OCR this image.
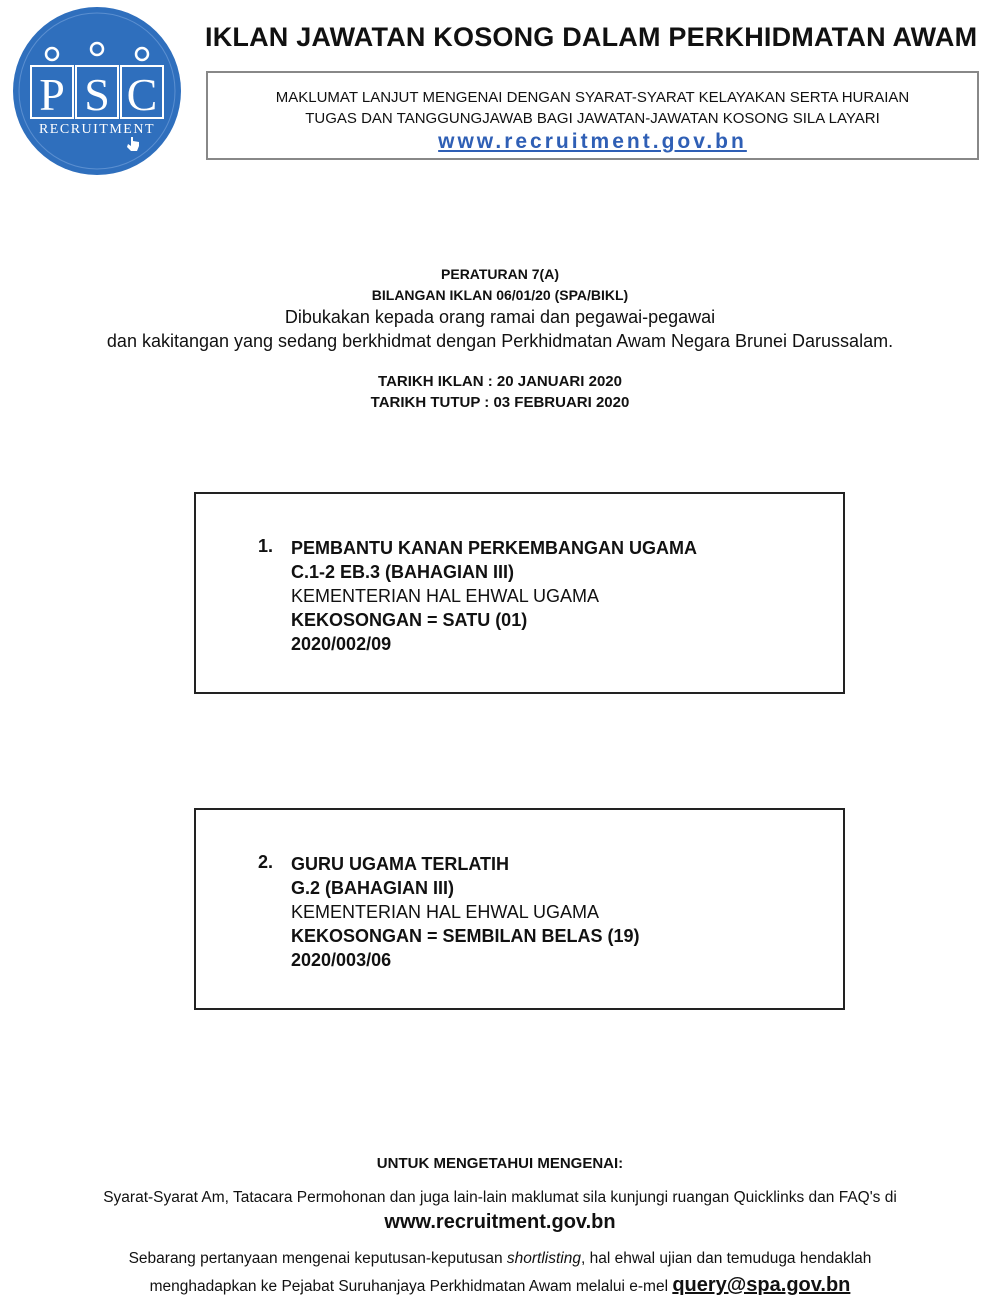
P S C
RECRUITMENT
IKLAN JAWATAN KOSONG DALAM PERKHIDMATAN AWAM
MAKLUMAT LANJUT MENGENAI DENGAN SYARAT-SYARAT KELAYAKAN SERTA HURAIAN
TUGAS DAN TANGGUNGJAWAB BAGI JAWATAN-JAWATAN KOSONG SILA LAYARI
www.recruitment.gov.bn
PERATURAN 7(A)
BILANGAN IKLAN 06/01/20 (SPA/BIKL)
Dibukakan kepada orang ramai dan pegawai-pegawai
dan kakitangan yang sedang berkhidmat dengan Perkhidmatan Awam Negara Brunei Darussalam.
TARIKH IKLAN : 20 JANUARI 2020
TARIKH TUTUP : 03 FEBRUARI 2020
1. PEMBANTU KANAN PERKEMBANGAN UGAMA
C.1-2 EB.3 (BAHAGIAN III)
KEMENTERIAN HAL EHWAL UGAMA
KEKOSONGAN = SATU (01)
2020/002/09
2. GURU UGAMA TERLATIH
G.2 (BAHAGIAN III)
KEMENTERIAN HAL EHWAL UGAMA
KEKOSONGAN = SEMBILAN BELAS (19)
2020/003/06
UNTUK MENGETAHUI MENGENAI:
Syarat-Syarat Am, Tatacara Permohonan dan juga lain-lain maklumat sila kunjungi ruangan Quicklinks dan FAQ's di
www.recruitment.gov.bn
Sebarang pertanyaan mengenai keputusan-keputusan shortlisting, hal ehwal ujian dan temuduga hendaklah
menghadapkan ke Pejabat Suruhanjaya Perkhidmatan Awam melalui e-mel query@spa.gov.bn
